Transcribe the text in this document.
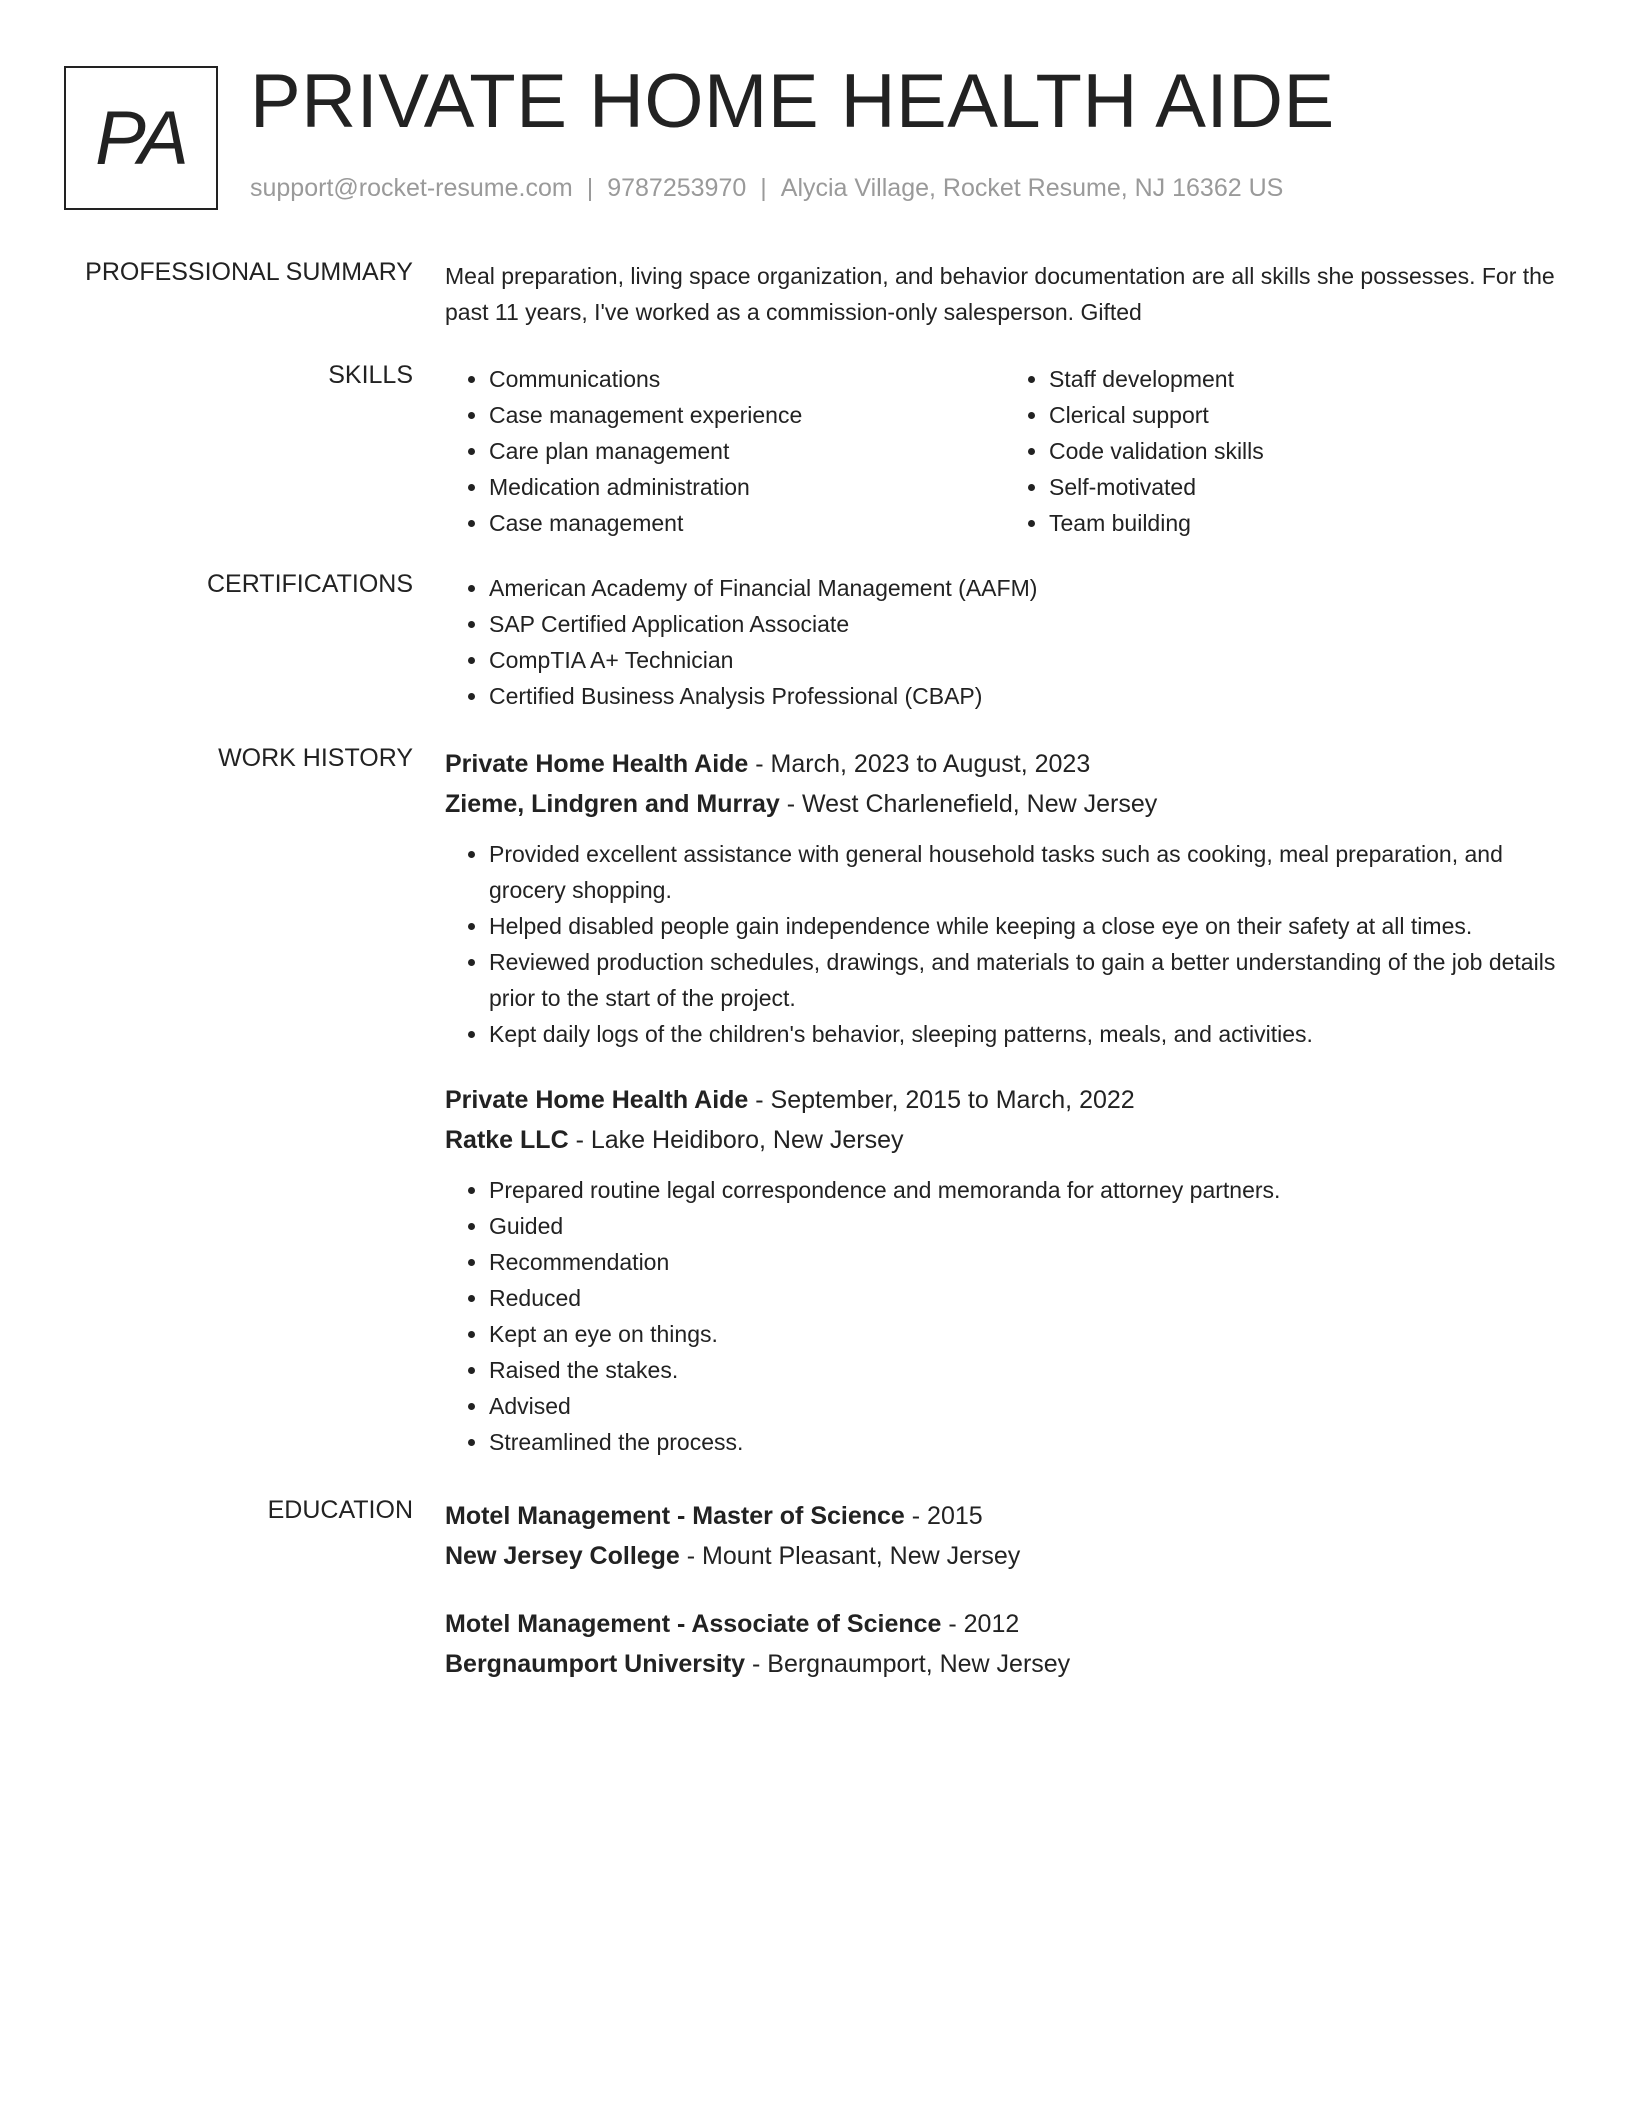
PA PRIVATE HOME HEALTH AIDE
support@rocket-resume.com | 9787253970 | Alycia Village, Rocket Resume, NJ 16362 US
PROFESSIONAL SUMMARY Meal preparation, living space organization, and behavior documentation are all skills she possesses. For the past 11 years, I've worked as a commission-only salesperson. Gifted
SKILLS	• Communications
• Case management experience
• Care plan management
• Medication administration
• Case management
• Staff development
• Clerical support
• Code validation skills
• Self-motivated
• Team building
CERTIFICATIONS	• American Academy of Financial Management (AAFM)
• SAP Certified Application Associate
• CompTIA A+ Technician
• Certified Business Analysis Professional (CBAP)
WORK HISTORY Private Home Health Aide - March, 2023 to August, 2023
Zieme, Lindgren and Murray - West Charlenefield, New Jersey
• Provided excellent assistance with general household tasks such as cooking, meal preparation, and grocery shopping.
• Helped disabled people gain independence while keeping a close eye on their safety at all times.
• Reviewed production schedules, drawings, and materials to gain a better understanding of the job details prior to the start of the project.
• Kept daily logs of the children's behavior, sleeping patterns, meals, and activities.
Private Home Health Aide - September, 2015 to March, 2022
Ratke LLC - Lake Heidiboro, New Jersey
• Prepared routine legal correspondence and memoranda for attorney partners.
• Guided
• Recommendation
• Reduced
• Kept an eye on things.
• Raised the stakes.
• Advised
• Streamlined the process.
EDUCATION Motel Management - Master of Science - 2015
New Jersey College - Mount Pleasant, New Jersey
Motel Management - Associate of Science - 2012
Bergnaumport University - Bergnaumport, New Jersey
